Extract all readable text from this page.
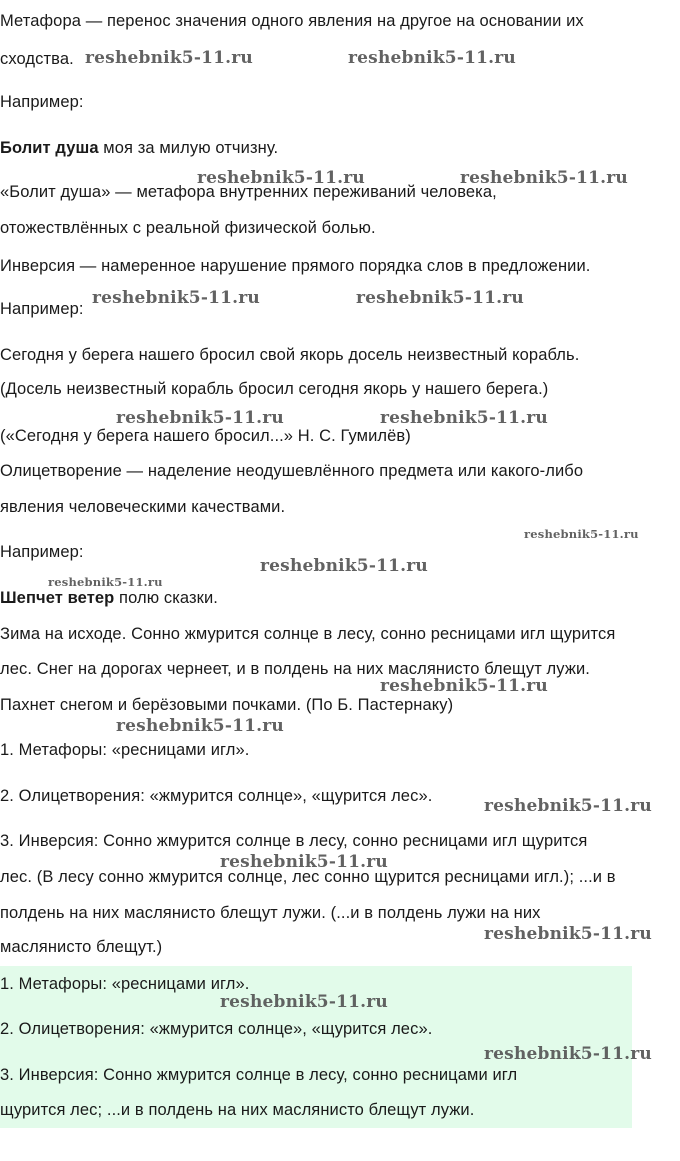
Метафора — перенос значения одного явления на другое на основании их
сходства.
Например:
Болит душа моя за милую отчизну.
«Болит душа» — метафора внутренних переживаний человека,
отожествлённых с реальной физической болью.
Инверсия — намеренное нарушение прямого порядка слов в предложении.
Например:
Сегодня у берега нашего бросил свой якорь досель неизвестный корабль.
(Досель неизвестный корабль бросил сегодня якорь у нашего берега.)
(«Сегодня у берега нашего бросил...» Н. С. Гумилёв)
Олицетворение — наделение неодушевлённого предмета или какого-либо
явления человеческими качествами.
Например:
Шепчет ветер полю сказки.
Зима на исходе. Сонно жмурится солнце в лесу, сонно ресницами игл щурится
лес. Снег на дорогах чернеет, и в полдень на них маслянисто блещут лужи.
Пахнет снегом и берёзовыми почками. (По Б. Пастернаку)
1. Метафоры: «ресницами игл».
2. Олицетворения: «жмурится солнце», «щурится лес».
3. Инверсия: Сонно жмурится солнце в лесу, сонно ресницами игл щурится
лес. (В лесу сонно жмурится солнце, лес сонно щурится ресницами игл.); ...и в
полдень на них маслянисто блещут лужи. (...и в полдень лужи на них
маслянисто блещут.)
1. Метафоры: «ресницами игл».
2. Олицетворения: «жмурится солнце», «щурится лес».
3. Инверсия: Сонно жмурится солнце в лесу, сонно ресницами игл
щурится лес; ...и в полдень на них маслянисто блещут лужи.
reshebnik5-11.ru	reshebnik5-11.ru
reshebnik5-11.ru	reshebnik5-11.ru
reshebnik5-11.ru	reshebnik5-11.ru
reshebnik5-11.ru	reshebnik5-11.ru
reshebnik5-11.ru
reshebnik5-11.ru
reshebnik5-11.ru
reshebnik5-11.ru
reshebnik5-11.ru
reshebnik5-11.ru
reshebnik5-11.ru
reshebnik5-11.ru
reshebnik5-11.ru
reshebnik5-11.ru
